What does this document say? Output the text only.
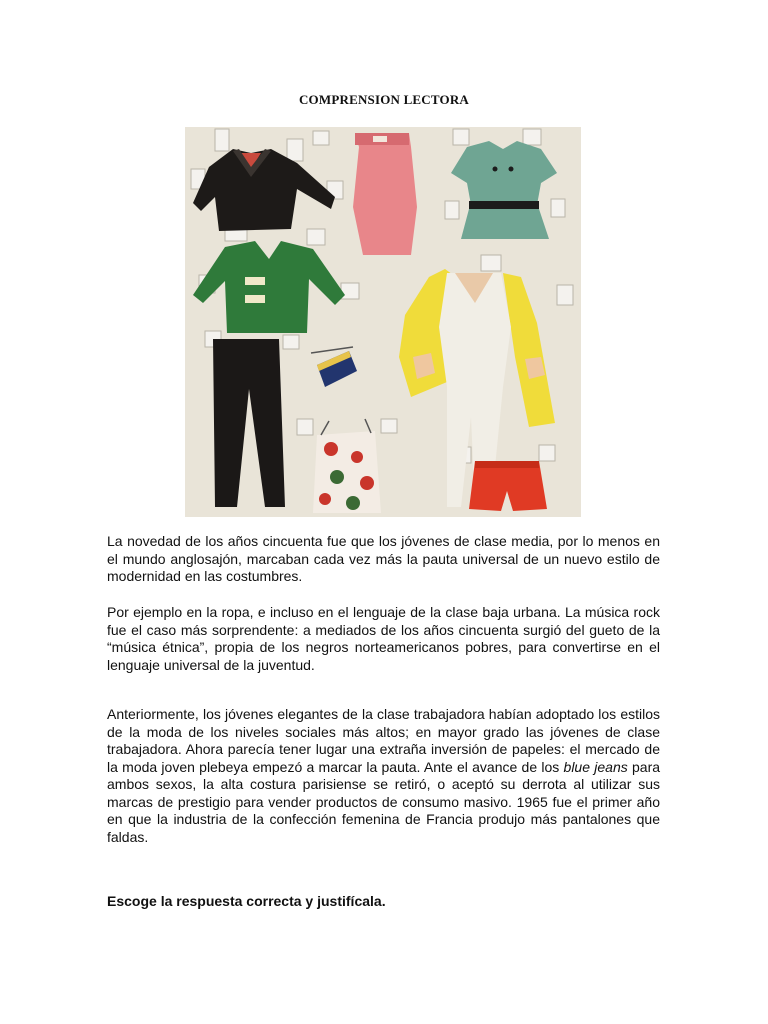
COMPRENSION LECTORA

La novedad de los años cincuenta fue que los jóvenes de clase media, por lo menos en el mundo anglosajón, marcaban cada vez más la pauta universal de un nuevo estilo de modernidad en las costumbres.

Por ejemplo en la ropa, e incluso en el lenguaje de la clase baja urbana. La música rock fue el caso más sorprendente: a mediados de los años cincuenta surgió del gueto de la “música étnica”, propia de los negros norteamericanos pobres, para convertirse en el lenguaje universal de la juventud.

Anteriormente, los jóvenes elegantes de la clase trabajadora habían adoptado los estilos de la moda de los niveles sociales más altos; en mayor grado las jóvenes de clase trabajadora. Ahora parecía tener lugar una extraña inversión de papeles: el mercado de la moda joven plebeya empezó a marcar la pauta. Ante el avance de los blue jeans para ambos sexos, la alta costura parisiense se retiró, o aceptó su derrota al utilizar sus marcas de prestigio para vender productos de consumo masivo. 1965 fue el primer año en que la industria de la confección femenina de Francia produjo más pantalones que faldas.

Escoge la respuesta correcta y justifícala.
